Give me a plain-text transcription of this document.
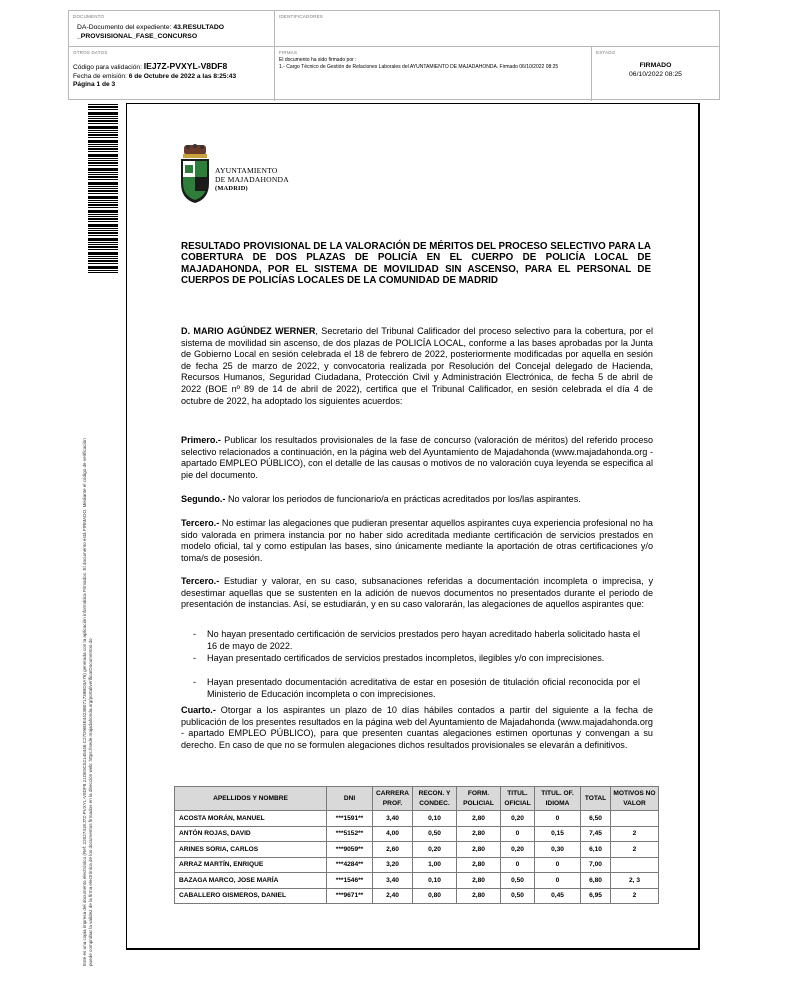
DOCUMENTO
DA-Documento del expediente: 43.RESULTADO
_PROVSISIONAL_FASE_CONCURSO
IDENTIFICADORES
OTROS DATOS
Código para validación: IEJ7Z-PVXYL-V8DF8
Fecha de emisión: 6 de Octubre de 2022 a las 8:25:43
Página 1 de 3
FIRMAS
El documento ha sido firmado por :
1.- Cargo Técnico de Gestión de Relaciones Laborales del AYUNTAMIENTO DE MAJADAHONDA. Firmado 06/10/2022 08:25
ESTADO
FIRMADO
06/10/2022 08:25
Este es una copia impresa del documento electrónico (Ref: 2202741EJ7Z-PVXYL-V8DF8 21DE9C52145446 C27D9B3E4423B071739BD3A76) generada con la aplicación informática Firmadoc. El documento está FIRMADO. Mediante el código de verificación
puede comprobar la validez de la firma electrónica de los documentos firmados en la dirección web: https://sede.majadahonda.org/portal/verificarDocumentos.do
AYUNTAMIENTO
DE MAJADAHONDA
(MADRID)
RESULTADO PROVISIONAL DE LA VALORACIÓN DE MÉRITOS DEL PROCESO SELECTIVO PARA LA COBERTURA DE DOS PLAZAS DE POLICÍA EN EL CUERPO DE POLICÍA LOCAL DE MAJADAHONDA, POR EL SISTEMA DE MOVILIDAD SIN ASCENSO, PARA EL PERSONAL DE CUERPOS DE POLICÍAS LOCALES DE LA COMUNIDAD DE MADRID
D. MARIO AGÚNDEZ WERNER, Secretario del Tribunal Calificador del proceso selectivo para la cobertura, por el sistema de movilidad sin ascenso, de dos plazas de POLICÍA LOCAL, conforme a las bases aprobadas por la Junta de Gobierno Local en sesión celebrada el 18 de febrero de 2022, posteriormente modificadas por aquella en sesión de fecha 25 de marzo de 2022, y convocatoria realizada por Resolución del Concejal delegado de Hacienda, Recursos Humanos, Seguridad Ciudadana, Protección Civil y Administración Electrónica, de fecha 5 de abril de 2022 (BOE nº 89 de 14 de abril de 2022), certifica que el Tribunal Calificador, en sesión celebrada el día 4 de octubre de 2022, ha adoptado los siguientes acuerdos:
Primero.- Publicar los resultados provisionales de la fase de concurso (valoración de méritos) del referido proceso selectivo relacionados a continuación, en la página web del Ayuntamiento de Majadahonda (www.majadahonda.org - apartado EMPLEO PÚBLICO), con el detalle de las causas o motivos de no valoración cuya leyenda se especifica al pie del documento.
Segundo.- No valorar los periodos de funcionario/a en prácticas acreditados por los/las aspirantes.
Tercero.- No estimar las alegaciones que pudieran presentar aquellos aspirantes cuya experiencia profesional no ha sido valorada en primera instancia por no haber sido acreditada mediante certificación de servicios prestados en modelo oficial, tal y como estipulan las bases, sino únicamente mediante la aportación de otras certificaciones y/o toma/s de posesión.
Tercero.- Estudiar y valorar, en su caso, subsanaciones referidas a documentación incompleta o imprecisa, y desestimar aquellas que se sustenten en la adición de nuevos documentos no presentados durante el periodo de presentación de instancias. Así, se estudiarán, y en su caso valorarán, las alegaciones de aquellos aspirantes que:
- No hayan presentado certificación de servicios prestados pero hayan acreditado haberla solicitado hasta el 16 de mayo de 2022.
- Hayan presentado certificados de servicios prestados incompletos, ilegibles y/o con imprecisiones.
- Hayan presentado documentación acreditativa de estar en posesión de titulación oficial reconocida por el Ministerio de Educación incompleta o con imprecisiones.
Cuarto.- Otorgar a los aspirantes un plazo de 10 días hábiles contados a partir del siguiente a la fecha de publicación de los presentes resultados en la página web del Ayuntamiento de Majadahonda (www.majadahonda.org - apartado EMPLEO PÚBLICO), para que presenten cuantas alegaciones estimen oportunas y convengan a su derecho. En caso de que no se formulen alegaciones dichos resultados provisionales se elevarán a definitivos.
APELLIDOS Y NOMBRE	DNI	CARRERA PROF.	RECON. Y CONDEC.	FORM. POLICIAL	TITUL. OFICIAL	TITUL. OF. IDIOMA	TOTAL	MOTIVOS NO VALOR
ACOSTA MORÁN, MANUEL	***1591**	3,40	0,10	2,80	0,20	0	6,50	
ANTÓN ROJAS, DAVID	***5152**	4,00	0,50	2,80	0	0,15	7,45	2
ARINES SORIA, CARLOS	***9059**	2,60	0,20	2,80	0,20	0,30	6,10	2
ARRAZ MARTÍN, ENRIQUE	***4284**	3,20	1,00	2,80	0	0	7,00	
BAZAGA MARCO, JOSE MARÍA	***1546**	3,40	0,10	2,80	0,50	0	6,80	2, 3
CABALLERO GISMEROS, DANIEL	***9671**	2,40	0,80	2,80	0,50	0,45	6,95	2
